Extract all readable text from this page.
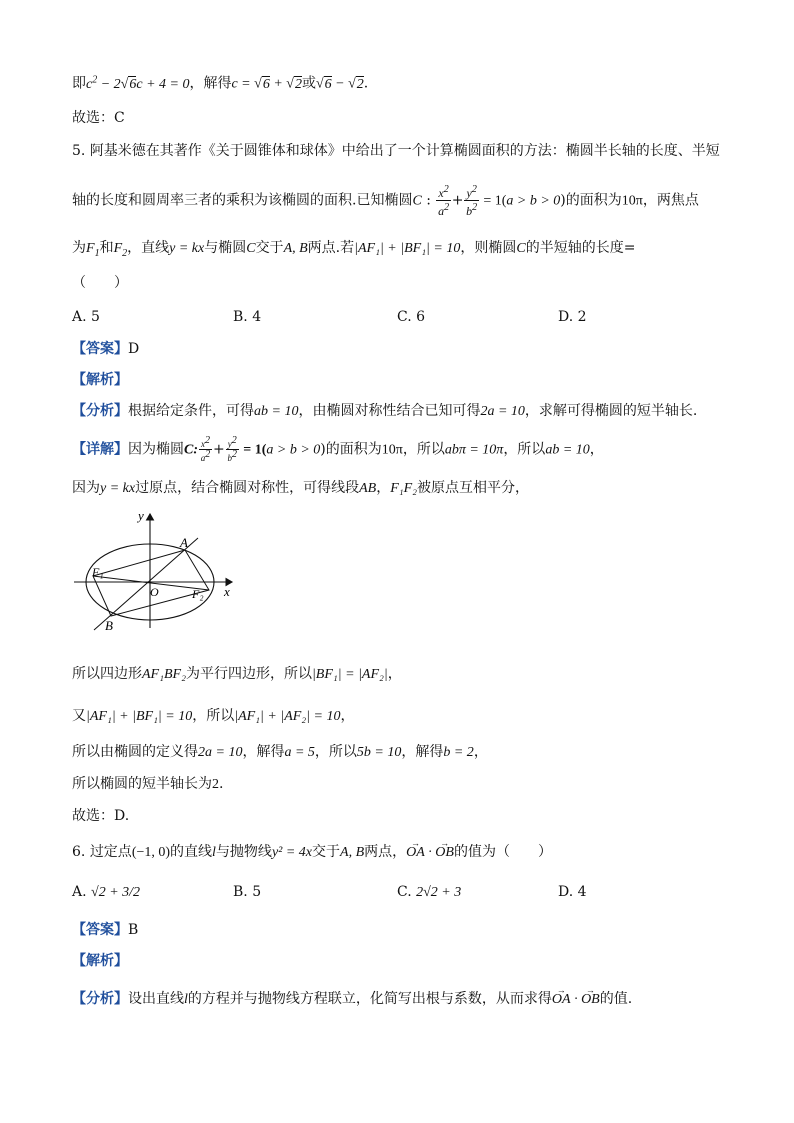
即$c^2 - 2√6c + 4 = 0$，解得c = √6 + √2或√6 − √2.
故选：C
5. 阿基米德在其著作《关于圆锥体和球体》中给出了一个计算椭圆面积的方法：椭圆半长轴的长度、半短
轴的长度和圆周率三者的乘积为该椭圆的面积.已知椭圆C : $\frac{x^2}{a^2} + \frac{y^2}{b^2} = 1(a > b > 0)$的面积为10π，两焦点
为$F_1$和$F_2$，直线y = kx与椭圆C交于A, B两点.若|AF₁| + |BF₁| = 10，则椭圆C的半短轴的长度=
（　　）
A. 5	B. 4	C. 6	D. 2
【答案】D
【解析】
【分析】根据给定条件，可得ab = 10，由椭圆对称性结合已知可得2a = 10，求解可得椭圆的短半轴长.
【详解】因为椭圆C: $\frac{x^2}{a^2} + \frac{y^2}{b^2} = 1(a > b > 0)$的面积为10π，所以abπ = 10π，所以ab = 10，
因为y = kx过原点，结合椭圆对称性，可得线段AB，F₁F₂被原点互相平分，
y
x
A
B
F₁
F₂
O
所以四边形AF₁BF₂为平行四边形，所以|BF₁| = |AF₂|，
又|AF₁| + |BF₁| = 10，所以|AF₁| + |AF₂| = 10，
所以由椭圆的定义得2a = 10，解得a = 5，所以5b = 10，解得b = 2，
所以椭圆的短半轴长为2.
故选：D.
6. 过定点(−1, 0)的直线l与抛物线y² = 4x交于A, B两点，→ OA · → OB的值为（　　）
A. √2 + 3/2	B. 5	C. 2√2 + 3	D. 4
【答案】B
【解析】
【分析】设出直线l的方程并与抛物线方程联立，化简写出根与系数，从而求得→ OA · → OB的值.
